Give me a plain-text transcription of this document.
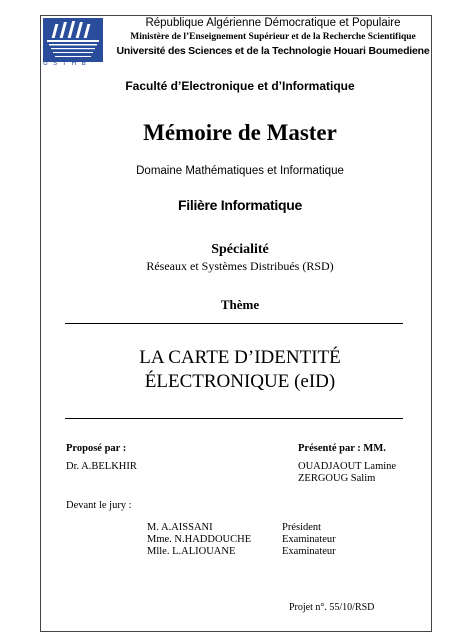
USTHB
République Algérienne Démocratique et Populaire
Ministère de l’Enseignement Supérieur et de la Recherche Scientifique
Université des Sciences et de la Technologie Houari Boumediene
Faculté d’Electronique et d’Informatique
Mémoire de Master
Domaine Mathématiques et Informatique
Filière Informatique
Spécialité
Réseaux et Systèmes Distribués (RSD)
Thème
LA CARTE D’IDENTITÉ
ÉLECTRONIQUE (eID)
Proposé par :
Dr. A.BELKHIR
Présenté par : MM.
OUADJAOUT Lamine
ZERGOUG Salim
Devant le jury :
M. A.AISSANI	Président
Mme. N.HADDOUCHE	Examinateur
Mlle. L.ALIOUANE	Examinateur
Projet n°. 55/10/RSD
